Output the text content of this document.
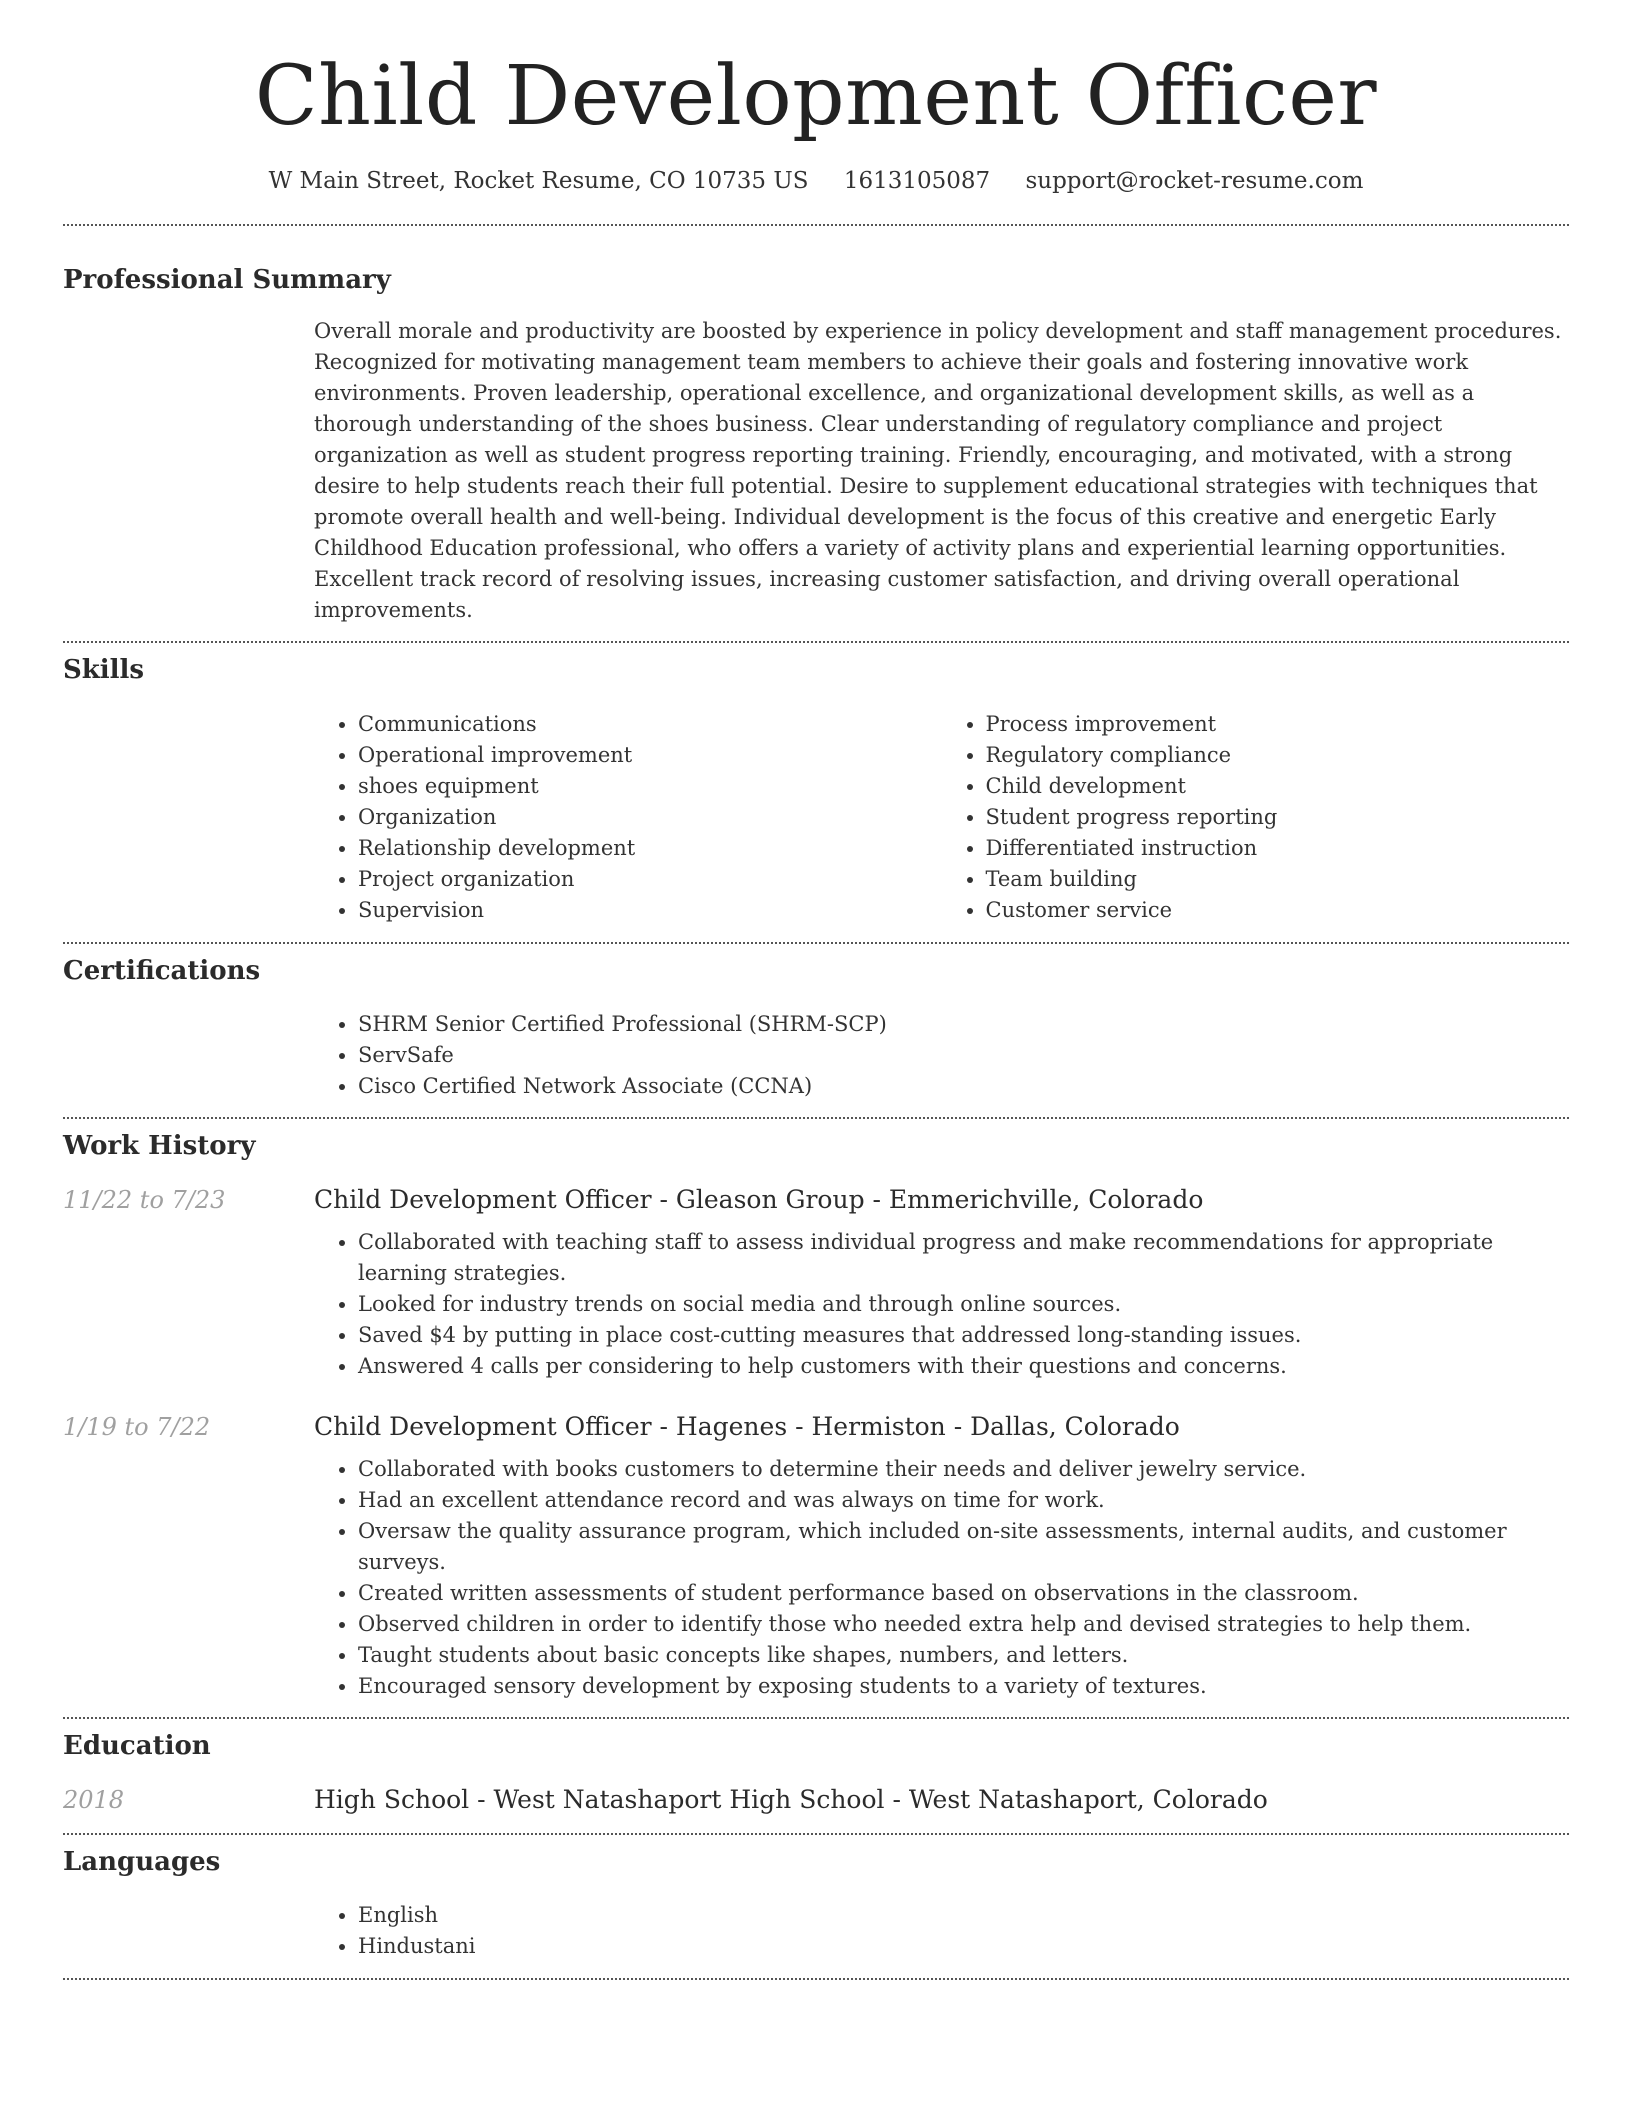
Child Development Officer
W Main Street, Rocket Resume, CO 10735 US 1613105087 support@rocket-resume.com
Professional Summary

Overall morale and productivity are boosted by experience in policy development and staff management procedures. Recognized for motivating management team members to achieve their goals and fostering innovative work environments. Proven leadership, operational excellence, and organizational development skills, as well as a thorough understanding of the shoes business. Clear understanding of regulatory compliance and project organization as well as student progress reporting training. Friendly, encouraging, and motivated, with a strong desire to help students reach their full potential. Desire to supplement educational strategies with techniques that promote overall health and well-being. Individual development is the focus of this creative and energetic Early Childhood Education professional, who offers a variety of activity plans and experiential learning opportunities. Excellent track record of resolving issues, increasing customer satisfaction, and driving overall operational improvements.

Skills
• Communications
• Operational improvement
• shoes equipment
• Organization
• Relationship development
• Project organization
• Supervision
• Process improvement
• Regulatory compliance
• Child development
• Student progress reporting
• Differentiated instruction
• Team building
• Customer service
Certifications
• SHRM Senior Certified Professional (SHRM-SCP)
• ServSafe
• Cisco Certified Network Associate (CCNA)
Work History
11/22 to 7/23	Child Development Officer - Gleason Group - Emmerichville, Colorado
• Collaborated with teaching staff to assess individual progress and make recommendations for appropriate learning strategies.
• Looked for industry trends on social media and through online sources.
• Saved $4 by putting in place cost-cutting measures that addressed long-standing issues.
• Answered 4 calls per considering to help customers with their questions and concerns.
1/19 to 7/22	Child Development Officer - Hagenes - Hermiston - Dallas, Colorado
• Collaborated with books customers to determine their needs and deliver jewelry service.
• Had an excellent attendance record and was always on time for work.
• Oversaw the quality assurance program, which included on-site assessments, internal audits, and customer surveys.
• Created written assessments of student performance based on observations in the classroom.
• Observed children in order to identify those who needed extra help and devised strategies to help them.
• Taught students about basic concepts like shapes, numbers, and letters.
• Encouraged sensory development by exposing students to a variety of textures.
Education
2018	High School - West Natashaport High School - West Natashaport, Colorado
Languages
• English
• Hindustani
